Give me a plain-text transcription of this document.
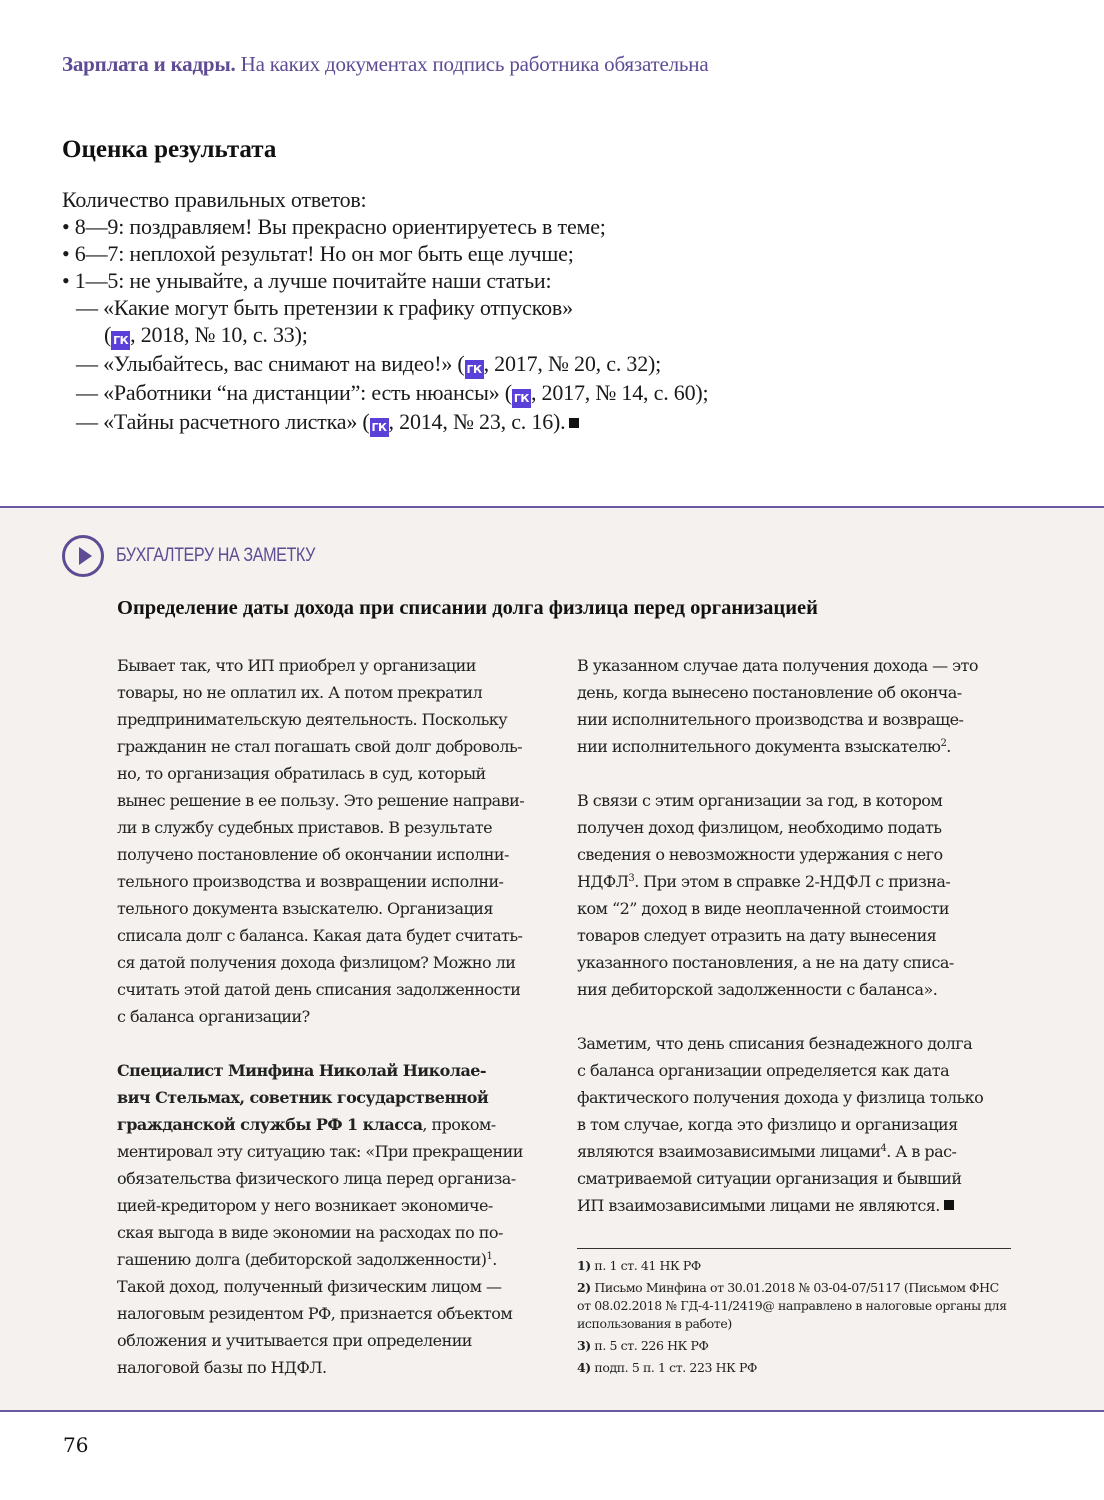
Зарплата и кадры. На каких документах подпись работника обязательна
Оценка результата
Количество правильных ответов:
• 8—9: поздравляем! Вы прекрасно ориентируетесь в теме;
• 6—7: неплохой результат! Но он мог быть еще лучше;
• 1—5: не унывайте, а лучше почитайте наши статьи:
— «Какие могут быть претензии к графику отпусков»
( ГК, 2018, № 10, с. 33);
— «Улыбайтесь, вас снимают на видео!» ( ГК, 2017, № 20, с. 32);
— «Работники “на дистанции”: есть нюансы» ( ГК, 2017, № 14, с. 60);
— «Тайны расчетного листка» ( ГК, 2014, № 23, с. 16).
БУХГАЛТЕРУ НА ЗАМЕТКУ
Определение даты дохода при списании долга физлица перед организацией

Бывает так, что ИП приобрел у организации
товары, но не оплатил их. А потом прекратил
предпринимательскую деятельность. Поскольку
гражданин не стал погашать свой долг доброволь-
но, то организация обратилась в суд, который
вынес решение в ее пользу. Это решение направи-
ли в службу судебных приставов. В результате
получено постановление об окончании исполни-
тельного производства и возвращении исполни-
тельного документа взыскателю. Организация
списала долг с баланса. Какая дата будет считать-
ся датой получения дохода физлицом? Можно ли
считать этой датой день списания задолженности
с баланса организации?

Специалист Минфина Николай Николае-
вич Стельмах, советник государственной
гражданской службы РФ 1 класса, проком-
ментировал эту ситуацию так: «При прекращении
обязательства физического лица перед организа-
цией-кредитором у него возникает экономиче-
ская выгода в виде экономии на расходах по по-
гашению долга (дебиторской задолженности)$^1$.
Такой доход, полученный физическим лицом —
налоговым резидентом РФ, признается объектом
обложения и учитывается при определении
налоговой базы по НДФЛ.

В указанном случае дата получения дохода — это
день, когда вынесено постановление об оконча-
нии исполнительного производства и возвраще-
нии исполнительного документа взыскателю$^2$.

В связи с этим организации за год, в котором
получен доход физлицом, необходимо подать
сведения о невозможности удержания с него
НДФЛ$^3$. При этом в справке 2-НДФЛ с призна-
ком “2” доход в виде неоплаченной стоимости
товаров следует отразить на дату вынесения
указанного постановления, а не на дату списа-
ния дебиторской задолженности с баланса».

Заметим, что день списания безнадежного долга
с баланса организации определяется как дата
фактического получения дохода у физлица только
в том случае, когда это физлицо и организация
являются взаимозависимыми лицами$^4$. А в рас-
сматриваемой ситуации организация и бывший
ИП взаимозависимыми лицами не являются.

1) п. 1 ст. 41 НК РФ
2) Письмо Минфина от 30.01.2018 № 03-04-07/5117 (Письмом ФНС от 08.02.2018 № ГД-4-11/2419@ направлено в налоговые органы для использования в работе)
3) п. 5 ст. 226 НК РФ
4) подп. 5 п. 1 ст. 223 НК РФ
76
